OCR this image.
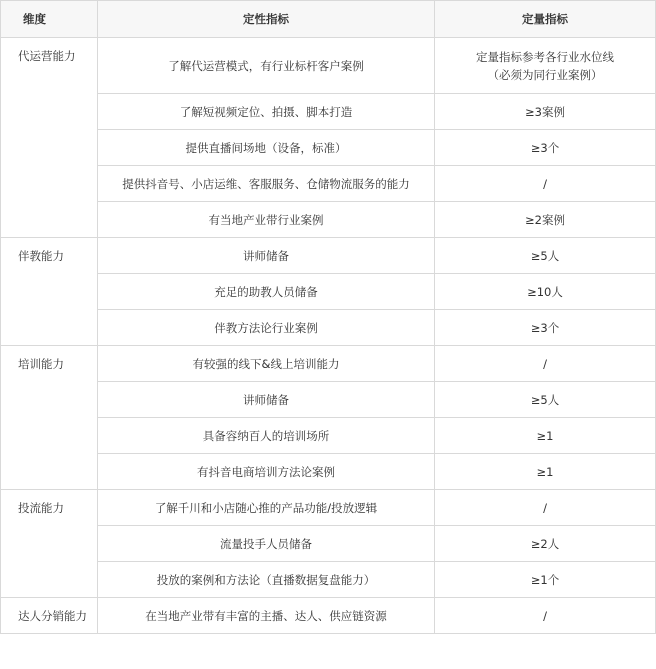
维度	定性指标	定量指标
代运营能力	了解代运营模式，有行业标杆客户案例	定量指标参考各行业水位线
（必须为同行业案例）

	了解短视频定位、拍摄、脚本打造	≥3案例
	提供直播间场地（设备，标准）	≥3个
	提供抖音号、小店运维、客服服务、仓储物流服务的能力	/
	有当地产业带行业案例	≥2案例
伴教能力	讲师储备	≥5人
	充足的助教人员储备	≥10人
	伴教方法论行业案例	≥3个
培训能力	有较强的线下&线上培训能力	/
	讲师储备	≥5人
	具备容纳百人的培训场所	≥1
	有抖音电商培训方法论案例	≥1
投流能力	了解千川和小店随心推的产品功能/投放逻辑	/
	流量投手人员储备	≥2人
	投放的案例和方法论（直播数据复盘能力）	≥1个
达人分销能力	在当地产业带有丰富的主播、达人、供应链资源	/
